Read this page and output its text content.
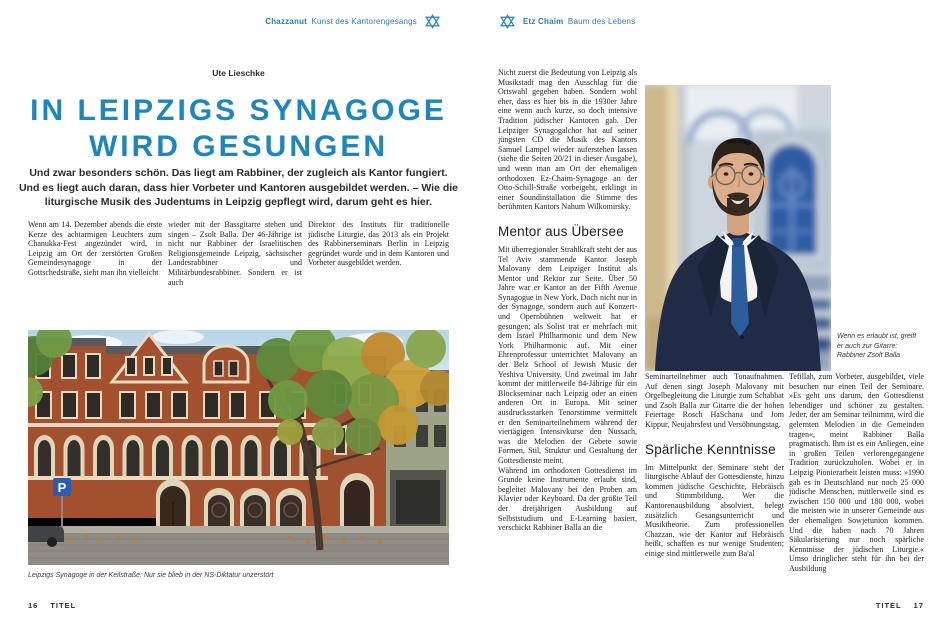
Chazzanut Kunst des Kantorengesangs	Etz Chaim Baum des Lebens
Ute Lieschke
IN LEIPZIGS SYNAGOGE
WIRD GESUNGEN
Und zwar besonders schön. Das liegt am Rabbiner, der zugleich als Kantor fungiert.
Und es liegt auch daran, dass hier Vorbeter und Kantoren ausgebildet werden. – Wie die
liturgische Musik des Judentums in Leipzig gepflegt wird, darum geht es hier.

Wenn am 14. Dezember abends die erste Kerze des achtarmigen Leuchters zum Chanukka-Fest angezündet wird, in Leipzig am Ort der zerstörten Großen Gemeindesynagoge in der Gottschedstraße, sieht man ihn vielleicht

wieder mit der Bassgitarre stehen und singen – Zsolt Balla. Der 46-Jährige ist nicht nur Rabbiner der Israelitischen Religionsgemeinde Leipzig, sächsischer Landesrabbiner und Militärbundesrabbiner. Sondern er ist auch

Direktor des Instituts für traditionelle jüdische Liturgie, das 2013 als ein Projekt des Rabbinerseminars Berlin in Leipzig gegründet wurde und in dem Kantoren und Vorbeter ausgebildet werden.

P
Leipzigs Synagoge in der Keilstraße: Nur sie blieb in der NS-Diktatur unzerstört
16 TITEL

Nicht zuerst die Bedeutung von Leipzig als Musikstadt mag den Ausschlag für die Ortswahl gegeben haben. Sondern wohl eher, dass es hier bis in die 1930er Jahre eine wenn auch kurze, so doch intensive Tradition jüdischer Kantoren gab. Der Leipziger Synagogalchor hat auf seiner jüngsten CD die Musik des Kantors Samuel Lampel wieder auferstehen lassen (siehe die Seiten 20/21 in dieser Ausgabe), und wenn man am Ort der ehemaligen orthodoxen Ez-Chaim-Synagoge an der Otto-Schill-Straße vorbeigeht, erklingt in einer Soundinstallation die Stimme des berühmten Kantors Nahum Wilkomirsky.

Mentor aus Übersee

Mit überregionaler Strahlkraft steht der aus Tel Aviv stammende Kantor Joseph Malovany dem Leipziger Institut als Mentor und Rektor zur Seite. Über 50 Jahre war er Kantor an der Fifth Avenue Synagogue in New York. Doch nicht nur in der Synagoge, sondern auch auf Konzert- und Opernbühnen weltweit hat er gesungen; als Solist trat er mehrfach mit dem Israel Philharmonic und dem New York Philharmonic auf. Mit einer Ehrenprofessur unterrichtet Malovany an der Belz School of Jewish Music der Yeshiva University. Und zweimal im Jahr kommt der mittlerweile 84-Jährige für ein Blockseminar nach Leipzig oder an einen anderen Ort in Europa. Mit seiner ausdrucksstarken Tenorstimme vermittelt er den Seminarteilnehmern während der viertägigen Intensivkurse den Nussach, was die Melodien der Gebete sowie Formen, Stil, Struktur und Gestaltung der Gottesdienste meint.

Während im orthodoxen Gottesdienst im Grunde keine Instrumente erlaubt sind, begleitet Malovany bei den Proben am Klavier oder Keyboard. Da der größte Teil der dreijährigen Ausbildung auf Selbststudium und E-Learning basiert, verschickt Rabbiner Balla an die

Wenn es erlaubt ist, greift er auch zur Gitarre: Rabbiner Zsolt Balla

Seminarteilnehmer auch Tonaufnahmen. Auf denen singt Joseph Malovany mit Orgelbegleitung die Liturgie zum Schabbat und Zsolt Balla zur Gitarre die der hohen Feiertage Rosch HaSchana und Jom Kippur, Neujahrsfest und Versöhnungstag.

Spärliche Kenntnisse

Im Mittelpunkt der Seminare steht der liturgische Ablauf der Gottesdienste, hinzu kommen jüdische Geschichte, Hebräisch und Stimmbildung. Wer die Kantorenausbildung absolviert, belegt zusätzlich Gesangsunterricht und Musiktheorie. Zum professionellen Chazzan, wie der Kantor auf Hebräisch heißt, schaffen es nur wenige Studenten; einige sind mittlerweile zum Ba'al

Tefillah, zum Vorbeter, ausgebildet, viele besuchen nur einen Teil der Seminare. »Es geht uns darum, den Gottesdienst lebendiger und schöner zu gestalten. Jeder, der am Seminar teilnimmt, wird die gelernten Melodien in die Gemeinden tragen«, meint Rabbiner Balla pragmatisch. Ihm ist es ein Anliegen, eine in großen Teilen verlorengegangene Tradition zurückzuholen. Wobei er in Leipzig Pionierarbeit leisten muss: »1990 gab es in Deutschland nur noch 25 000 jüdische Menschen, mittlerweile sind es zwischen 150 000 und 180 000, wobei die meisten wie in unserer Gemeinde aus der ehemaligen Sowjetunion kommen. Und die haben nach 70 Jahren Säkularisierung nur noch spärliche Kenntnisse der jüdischen Liturgie.« Umso dringlicher steht für ihn bei der Ausbildung

TITEL 17
